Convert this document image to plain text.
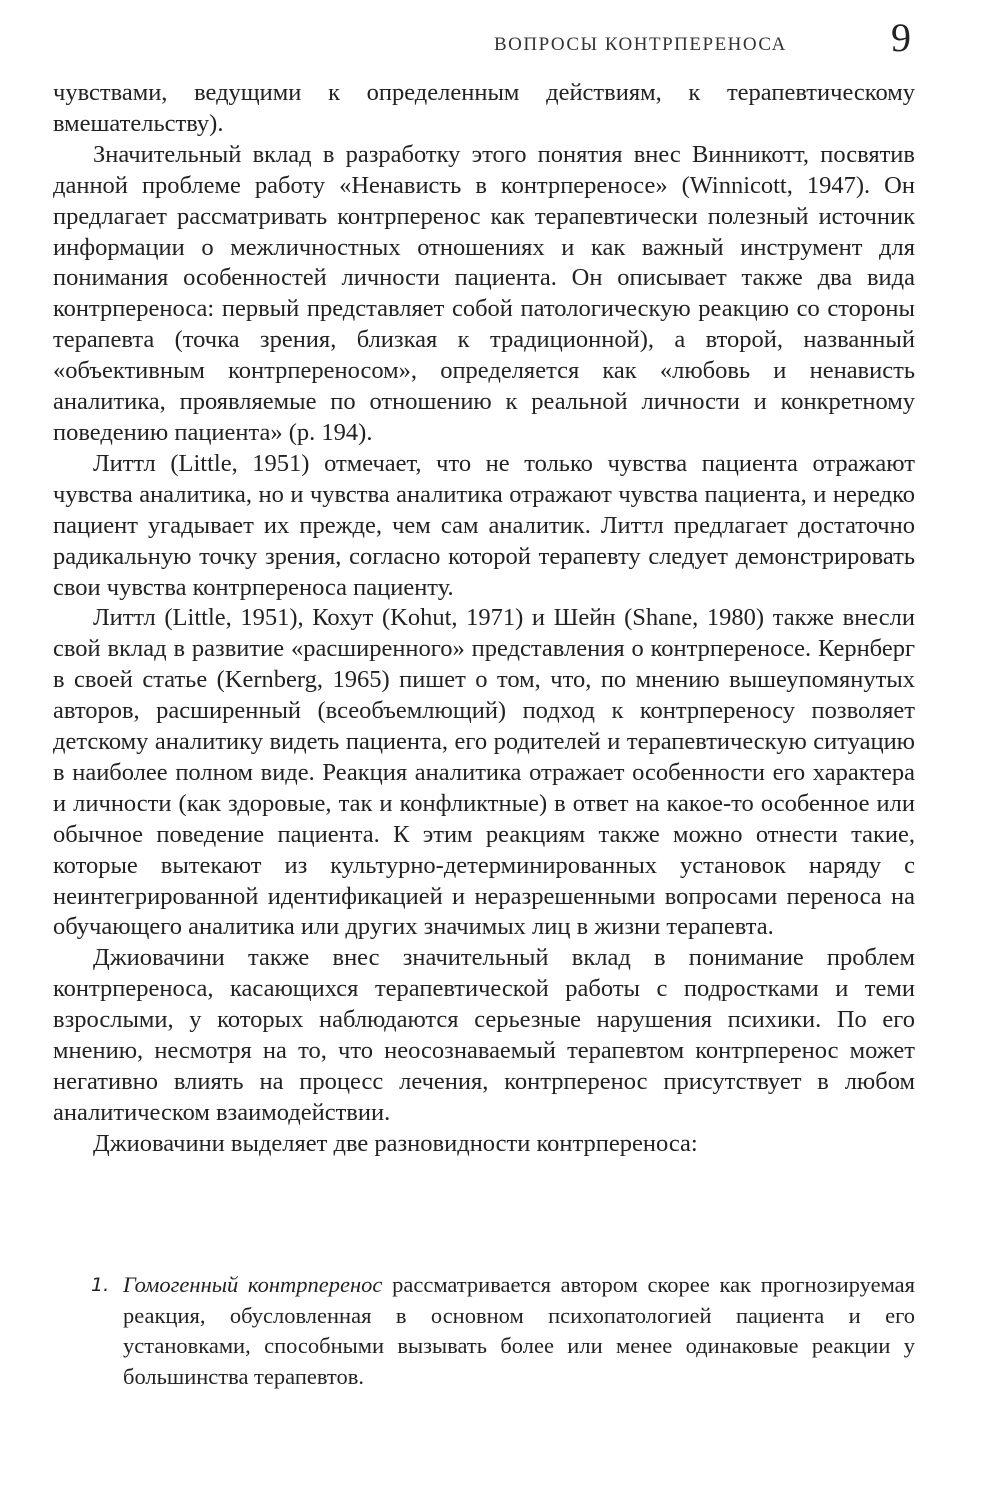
ВОПРОСЫ КОНТРПЕРЕНОСА	9

чувствами, ведущими к определенным действиям, к терапевтическому вмешательству).

Значительный вклад в разработку этого понятия внес Винникотт, посвятив данной проблеме работу «Ненависть в контрпереносе» (Winnicott, 1947). Он предлагает рассматривать контрперенос как терапевтически полезный источник информации о межличностных отношениях и как важный инструмент для понимания особенностей личности пациента. Он описывает также два вида контрпереноса: первый представляет собой патологическую реакцию со стороны терапевта (точка зрения, близкая к традиционной), а второй, названный «объективным контрпереносом», определяется как «любовь и ненависть аналитика, проявляемые по отношению к реальной личности и конкретному поведению пациента» (p. 194).

Литтл (Little, 1951) отмечает, что не только чувства пациента отражают чувства аналитика, но и чувства аналитика отражают чувства пациента, и нередко пациент угадывает их прежде, чем сам аналитик. Литтл предлагает достаточно радикальную точку зрения, согласно которой терапевту следует демонстрировать свои чувства контрпереноса пациенту.

Литтл (Little, 1951), Кохут (Kohut, 1971) и Шейн (Shane, 1980) также внесли свой вклад в развитие «расширенного» представления о контрпереносе. Кернберг в своей статье (Kernberg, 1965) пишет о том, что, по мнению вышеупомянутых авторов, расширенный (всеобъемлющий) подход к контрпереносу позволяет детскому аналитику видеть пациента, его родителей и терапевтическую ситуацию в наиболее полном виде. Реакция аналитика отражает особенности его характера и личности (как здоровые, так и конфликтные) в ответ на какое-то особенное или обычное поведение пациента. К этим реакциям также можно отнести такие, которые вытекают из культурно-детерминированных установок наряду с неинтегрированной идентификацией и неразрешенными вопросами переноса на обучающего аналитика или других значимых лиц в жизни терапевта.

Джиовачини также внес значительный вклад в понимание проблем контрпереноса, касающихся терапевтической работы с подростками и теми взрослыми, у которых наблюдаются серьезные нарушения психики. По его мнению, несмотря на то, что неосознаваемый терапевтом контрперенос может негативно влиять на процесс лечения, контрперенос присутствует в любом аналитическом взаимодействии.

Джиовачини выделяет две разновидности контрпереноса:

1. Гомогенный контрперенос рассматривается автором скорее как прогнозируемая реакция, обусловленная в основном психопатологией пациента и его установками, способными вызывать более или менее одинаковые реакции у большинства терапевтов.
